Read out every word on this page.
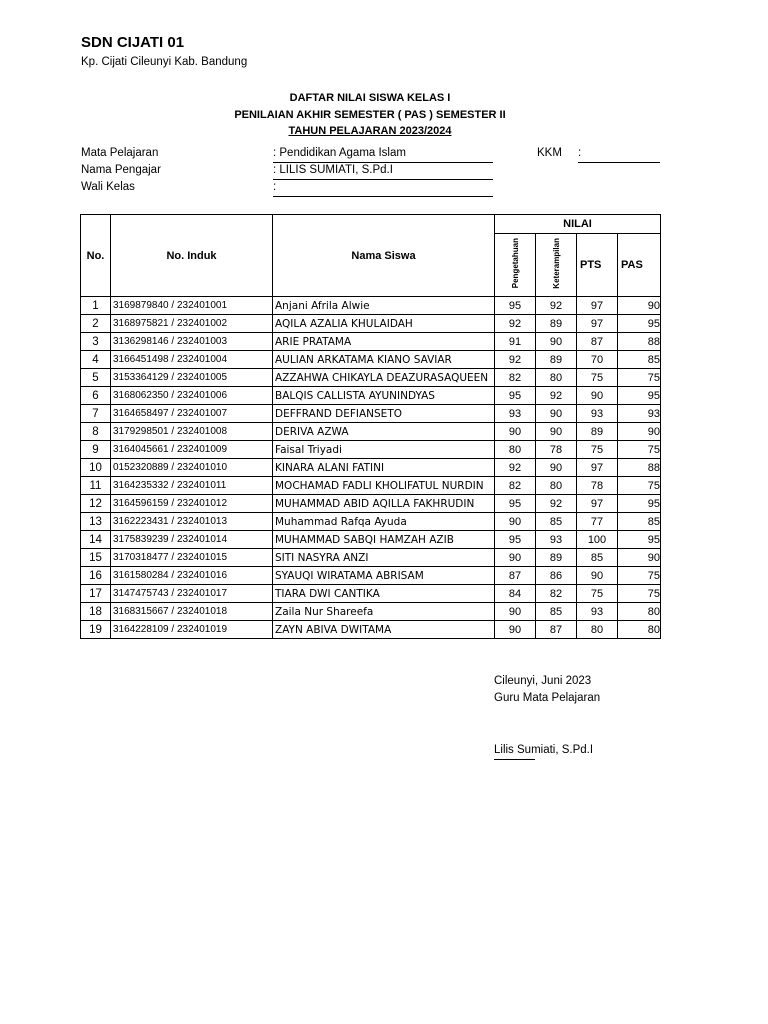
SDN CIJATI 01
Kp. Cijati Cileunyi Kab. Bandung
DAFTAR NILAI SISWA KELAS I
PENILAIAN AKHIR SEMESTER ( PAS ) SEMESTER II
TAHUN PELAJARAN 2023/2024
Mata Pelajaran	: Pendidikan Agama Islam	KKM :
Nama Pengajar	: LILIS SUMIATI, S.Pd.I
Wali Kelas	:
No.	No. Induk	Nama Siswa	NILAI			
			Pengetahuan	Keterampilan	PTS	PAS
1	3169879840 / 232401001	Anjani Afrila Alwie	95	92	97	90
2	3168975821 / 232401002	AQILA AZALIA KHULAIDAH	92	89	97	95
3	3136298146 / 232401003	ARIE PRATAMA	91	90	87	88
4	3166451498 / 232401004	AULIAN ARKATAMA KIANO SAVIAR	92	89	70	85
5	3153364129 / 232401005	AZZAHWA CHIKAYLA DEAZURASAQUEEN	82	80	75	75
6	3168062350 / 232401006	BALQIS CALLISTA AYUNINDYAS	95	92	90	95
7	3164658497 / 232401007	DEFFRAND DEFIANSETO	93	90	93	93
8	3179298501 / 232401008	DERIVA AZWA	90	90	89	90
9	3164045661 / 232401009	Faisal Triyadi	80	78	75	75
10	0152320889 / 232401010	KINARA ALANI FATINI	92	90	97	88
11	3164235332 / 232401011	MOCHAMAD FADLI KHOLIFATUL NURDIN	82	80	78	75
12	3164596159 / 232401012	MUHAMMAD ABID AQILLA FAKHRUDIN	95	92	97	95
13	3162223431 / 232401013	Muhammad Rafqa Ayuda	90	85	77	85
14	3175839239 / 232401014	MUHAMMAD SABQI HAMZAH AZIB	95	93	100	95
15	3170318477 / 232401015	SITI NASYRA ANZI	90	89	85	90
16	3161580284 / 232401016	SYAUQI WIRATAMA ABRISAM	87	86	90	75
17	3147475743 / 232401017	TIARA DWI CANTIKA	84	82	75	75
18	3168315667 / 232401018	Zaila Nur Shareefa	90	85	93	80
19	3164228109 / 232401019	ZAYN ABIVA DWITAMA	90	87	80	80
Cileunyi, Juni 2023
Guru Mata Pelajaran
Lilis Sumiati, S.Pd.I
